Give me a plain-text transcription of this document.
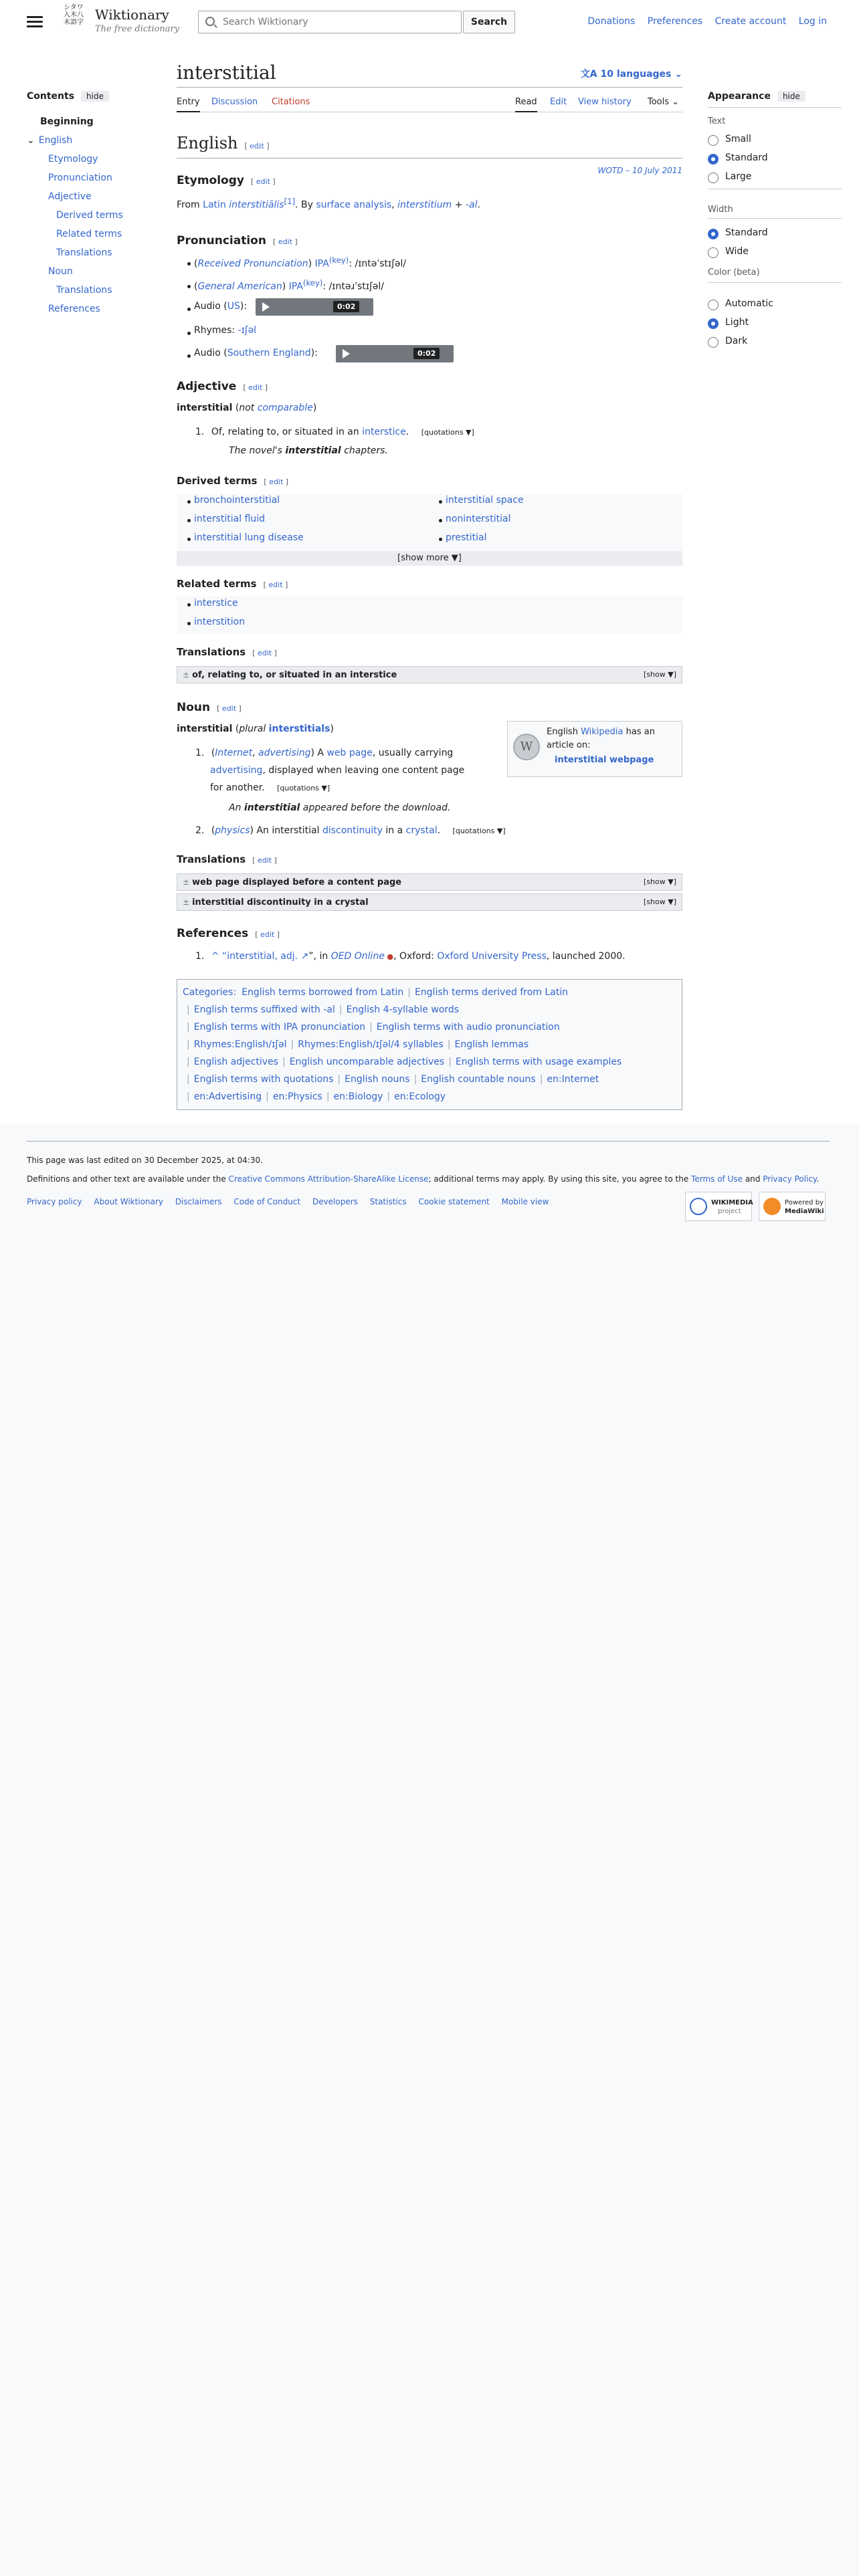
シタワ
入木八
未語字 Wiktionary
The free dictionary
Search Wiktionary
Search	Donations Preferences Create account Log in
Contents hide
Beginning
⌄ English
Etymology
Pronunciation
Adjective
Derived terms
Related terms
Translations
Noun
Translations
References
Appearance hide
Text
Small
Standard
Large
Width
Standard
Wide
Color (beta)
Automatic
Light
Dark
interstitial	文A 10 languages ⌄
Entry Discussion Citations	Read Edit View history Tools ⌄
English [ edit ]
WOTD – 10 July 2011
Etymology [ edit ]
From Latin interstitiālis[1]. By surface analysis, interstitium + -al.
Pronunciation [ edit ]
(Received Pronunciation) $IPA^{(key)}$: /ɪntəˈstɪʃəl/
(General American) $IPA^{(key)}$: /ɪntəɹˈstɪʃəl/
Audio (US):	0:02
Rhymes: -ɪʃəl
Audio (Southern England):	0:02
Adjective [ edit ]
interstitial (not comparable)
1. Of, relating to, or situated in an interstice. [quotations ▼]
The novel's interstitial chapters.
Derived terms [ edit ]
bronchointerstitial
interstitial fluid
interstitial lung disease
interstitial space
noninterstitial
prestitial
[show more ▼]
Related terms [ edit ]
interstice
interstition
Translations [ edit ]
± of, relating to, or situated in an interstice	[show ▼]
Noun [ edit ]
interstitial (plural interstitials)
W
English Wikipedia has an
article on:
interstitial webpage
1. (Internet, advertising) A web page, usually carrying
advertising, displayed when leaving one content page
for another. [quotations ▼]
An interstitial appeared before the download.
2. (physics) An interstitial discontinuity in a crystal. [quotations ▼]
Translations [ edit ]
± web page displayed before a content page	[show ▼]
± interstitial discontinuity in a crystal	[show ▼]
References [ edit ]
1. ^ “interstitial, adj. ↗”, in OED Online ●, Oxford: Oxford University Press, launched 2000.
Categories: English terms borrowed from Latin | English terms derived from Latin
| English terms suffixed with -al | English 4-syllable words
| English terms with IPA pronunciation | English terms with audio pronunciation
| Rhymes:English/ɪʃəl | Rhymes:English/ɪʃəl/4 syllables | English lemmas
| English adjectives | English uncomparable adjectives | English terms with usage examples
| English terms with quotations | English nouns | English countable nouns | en:Internet
| en:Advertising | en:Physics | en:Biology | en:Ecology
This page was last edited on 30 December 2025, at 04:30.
Definitions and other text are available under the Creative Commons Attribution-ShareAlike License; additional terms may apply. By using this site, you agree to the Terms of Use and Privacy Policy.
Privacy policy About Wiktionary Disclaimers Code of Conduct Developers Statistics Cookie statement Mobile view	WIKIMEDIA
project
Powered by
MediaWiki
